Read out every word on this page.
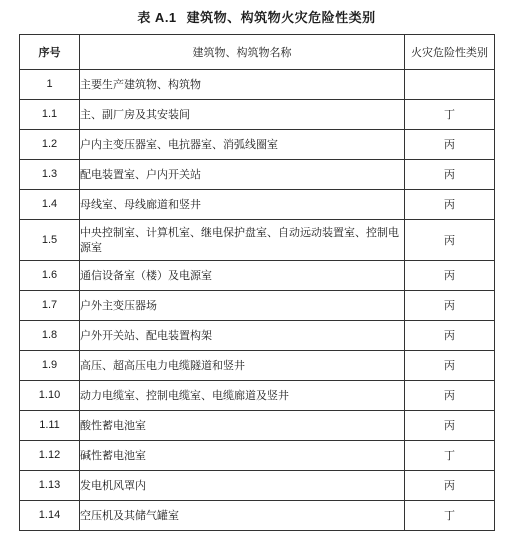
表 A.1 建筑物、构筑物火灾危险性类别
序号	建筑物、构筑物名称	火灾危险性类别
1	主要生产建筑物、构筑物	
1.1	主、副厂房及其安装间	丁
1.2	户内主变压器室、电抗器室、消弧线圈室	丙
1.3	配电装置室、户内开关站	丙
1.4	母线室、母线廊道和竖井	丙
1.5	中央控制室、计算机室、继电保护盘室、自动远动装置室、控制电源室	丙
1.6	通信设备室（楼）及电源室	丙
1.7	户外主变压器场	丙
1.8	户外开关站、配电装置构架	丙
1.9	高压、超高压电力电缆隧道和竖井	丙
1.10	动力电缆室、控制电缆室、电缆廊道及竖井	丙
1.11	酸性蓄电池室	丙
1.12	碱性蓄电池室	丁
1.13	发电机风罩内	丙
1.14	空压机及其储气罐室	丁
